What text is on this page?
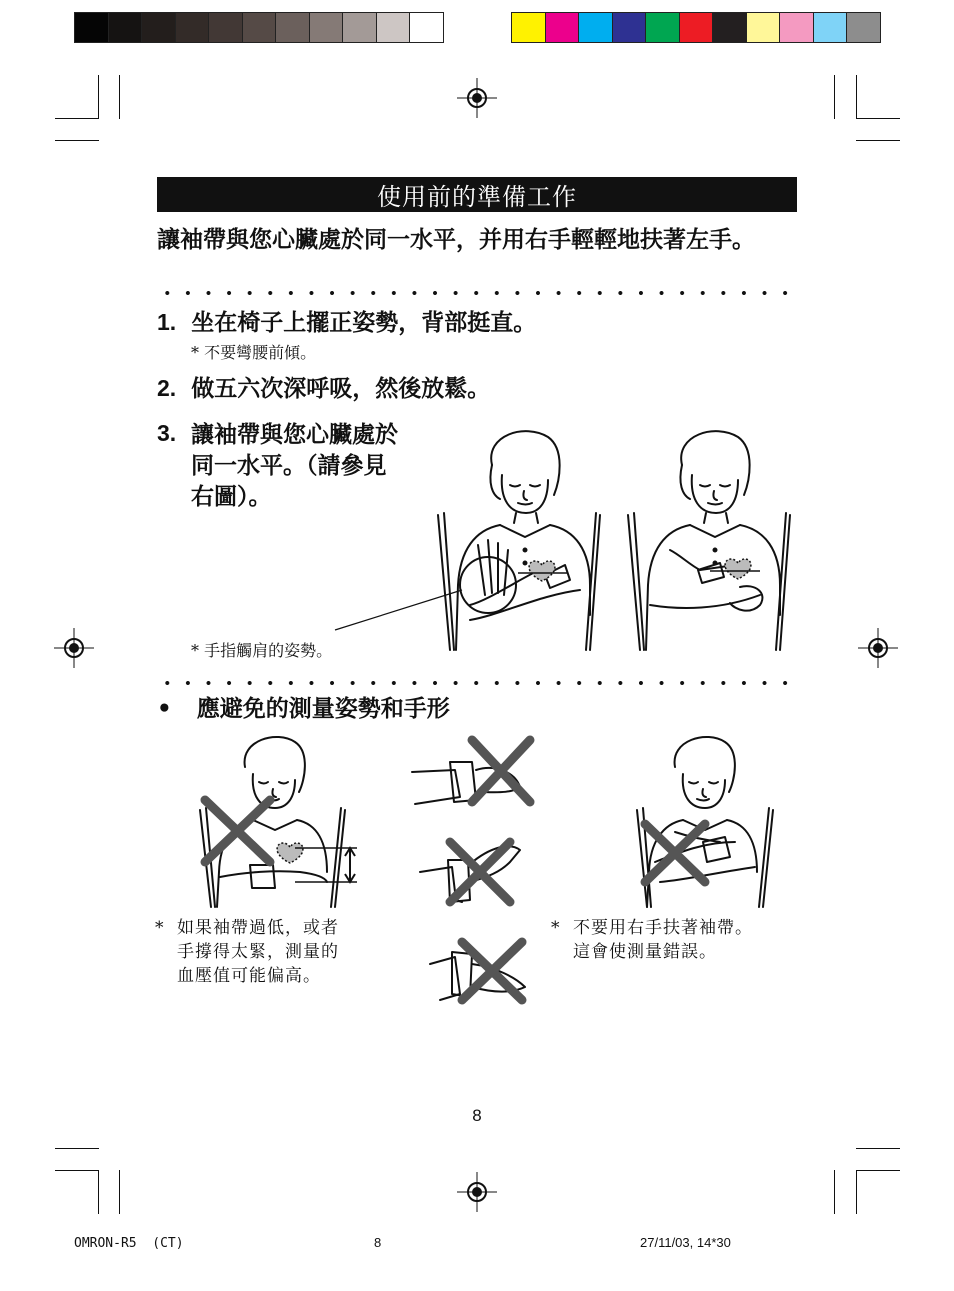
使用前的準備工作
讓袖帶與您心臟處於同一水平，并用右手輕輕地扶著左手。
1. 坐在椅子上擺正姿勢，背部挺直。
* 不要彎腰前傾。
2. 做五六次深呼吸，然後放鬆。
3. 讓袖帶與您心臟處於
同一水平。（請參見
右圖）。
* 手指觸肩的姿勢。
• 應避免的測量姿勢和手形
* 如果袖帶過低，或者
手撐得太緊，測量的
血壓值可能偏高。
* 不要用右手扶著袖帶。
這會使測量錯誤。
8
OMRON-R5  (CT)	8	27/11/03, 14*30
